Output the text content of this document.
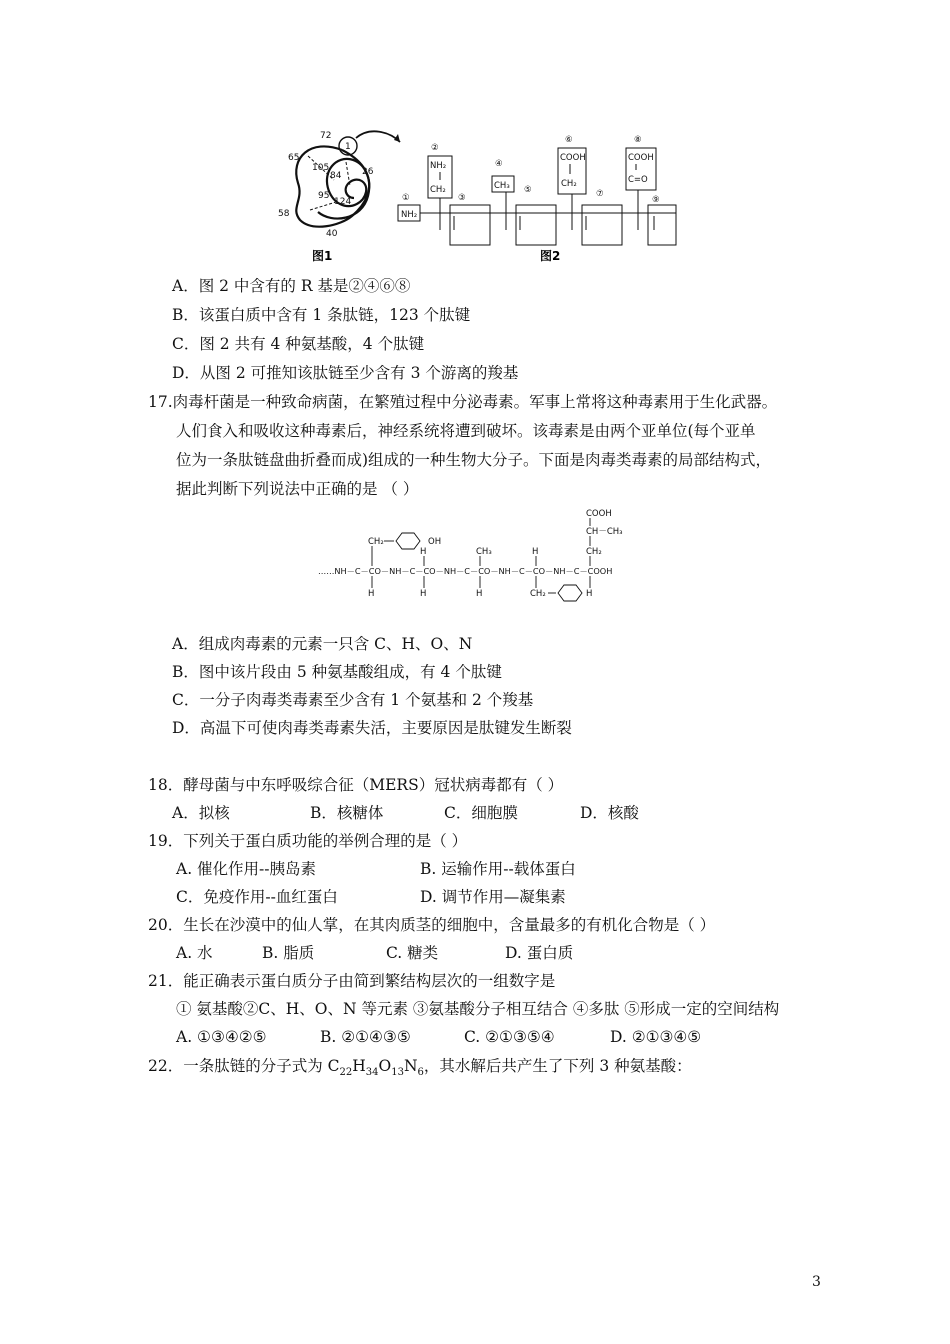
72
65
1
26
105
84
95
124
58
40
图1
①
NH₂
②
NH₂
CH₂
③
④
CH₃ ⑤
⑥
COOH
CH₂
⑦
⑧
COOH
C=O
⑨
图2
A．图 2 中含有的 R 基是②④⑥⑧
B．该蛋白质中含有 1 条肽链，123 个肽键
C．图 2 共有 4 种氨基酸，4 个肽键
D．从图 2 可推知该肽链至少含有 3 个游离的羧基
17.肉毒杆菌是一种致命病菌，在繁殖过程中分泌毒素。军事上常将这种毒素用于生化武器。
人们食入和吸收这种毒素后，神经系统将遭到破坏。该毒素是由两个亚单位(每个亚单
位为一条肽链盘曲折叠而成)组成的一种生物大分子。下面是肉毒类毒素的局部结构式，
据此判断下列说法中正确的是 （ ）
COOH
CH－CH₃
CH₂
CH₂	OH
CH₃
H	H
……NH－C－CO－NH－C－CO－NH－C－CO－NH－C－CO－NH－C－COOH
H	H	H	CH₂	H
A．组成肉毒素的元素一只含 C、H、O、N
B．图中该片段由 5 种氨基酸组成，有 4 个肽键
C．一分子肉毒类毒素至少含有 1 个氨基和 2 个羧基
D．高温下可使肉毒类毒素失活，主要原因是肽键发生断裂
18．酵母菌与中东呼吸综合征（MERS）冠状病毒都有（ ）
A．拟核	B．核糖体	C．细胞膜	D．核酸
19．下列关于蛋白质功能的举例合理的是（ ）
A. 催化作用--胰岛素	B. 运输作用--载体蛋白
C．免疫作用--血红蛋白	D. 调节作用—凝集素
20．生长在沙漠中的仙人掌，在其肉质茎的细胞中，含量最多的有机化合物是（ ）
A. 水	B. 脂质	C. 糖类	D. 蛋白质
21．能正确表示蛋白质分子由简到繁结构层次的一组数字是
① 氨基酸②C、H、O、N 等元素 ③氨基酸分子相互结合 ④多肽 ⑤形成一定的空间结构
A. ①③④②⑤	B. ②①④③⑤	C. ②①③⑤④	D. ②①③④⑤
22．一条肽链的分子式为 $C_{22}H_{34}O_{13}N_6$，其水解后共产生了下列 3 种氨基酸：
3
